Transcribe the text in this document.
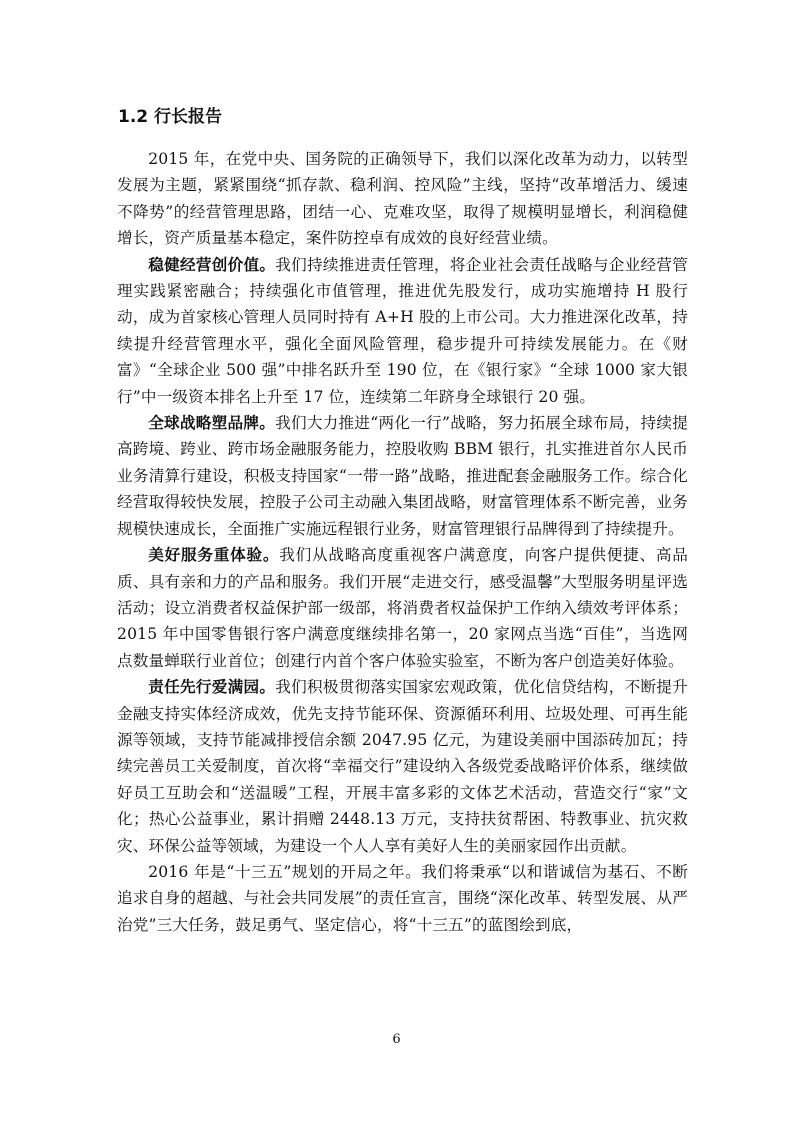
1.2 行长报告

2015 年，在党中央、国务院的正确领导下，我们以深化改革为动力，以转型发展为主题，紧紧围绕“抓存款、稳利润、控风险”主线，坚持“改革增活力、缓速不降势”的经营管理思路，团结一心、克难攻坚，取得了规模明显增长，利润稳健增长，资产质量基本稳定，案件防控卓有成效的良好经营业绩。

稳健经营创价值。我们持续推进责任管理，将企业社会责任战略与企业经营管理实践紧密融合；持续强化市值管理，推进优先股发行，成功实施增持 H 股行动，成为首家核心管理人员同时持有 A+H 股的上市公司。大力推进深化改革，持续提升经营管理水平，强化全面风险管理，稳步提升可持续发展能力。在《财富》“全球企业 500 强”中排名跃升至 190 位，在《银行家》“全球 1000 家大银行”中一级资本排名上升至 17 位，连续第二年跻身全球银行 20 强。

全球战略塑品牌。我们大力推进“两化一行”战略，努力拓展全球布局，持续提高跨境、跨业、跨市场金融服务能力，控股收购 BBM 银行，扎实推进首尔人民币业务清算行建设，积极支持国家“一带一路”战略，推进配套金融服务工作。综合化经营取得较快发展，控股子公司主动融入集团战略，财富管理体系不断完善，业务规模快速成长，全面推广实施远程银行业务，财富管理银行品牌得到了持续提升。

美好服务重体验。我们从战略高度重视客户满意度，向客户提供便捷、高品质、具有亲和力的产品和服务。我们开展“走进交行，感受温馨”大型服务明星评选活动；设立消费者权益保护部一级部，将消费者权益保护工作纳入绩效考评体系；2015 年中国零售银行客户满意度继续排名第一，20 家网点当选“百佳”，当选网点数量蝉联行业首位；创建行内首个客户体验实验室，不断为客户创造美好体验。

责任先行爱满园。我们积极贯彻落实国家宏观政策，优化信贷结构，不断提升金融支持实体经济成效，优先支持节能环保、资源循环利用、垃圾处理、可再生能源等领域，支持节能减排授信余额 2047.95 亿元，为建设美丽中国添砖加瓦；持续完善员工关爱制度，首次将“幸福交行”建设纳入各级党委战略评价体系，继续做好员工互助会和“送温暖”工程，开展丰富多彩的文体艺术活动，营造交行“家”文化；热心公益事业，累计捐赠 2448.13 万元，支持扶贫帮困、特教事业、抗灾救灾、环保公益等领域，为建设一个人人享有美好人生的美丽家园作出贡献。

2016 年是“十三五”规划的开局之年。我们将秉承“以和谐诚信为基石、不断追求自身的超越、与社会共同发展”的责任宣言，围绕“深化改革、转型发展、从严治党”三大任务，鼓足勇气、坚定信心，将“十三五”的蓝图绘到底，

6
